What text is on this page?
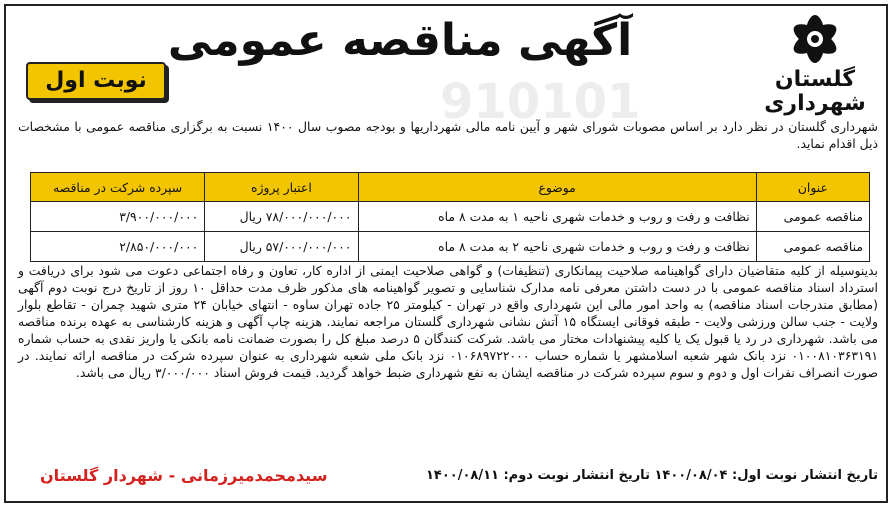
910101	گلستان
شهرداری
آگهی مناقصه عمومی
نوبت اول
شهرداری گلستان در نظر دارد بر اساس مصوبات شورای شهر و آیین نامه مالی شهرداریها و بودجه مصوب سال ۱۴۰۰ نسبت به برگزاری مناقصه عمومی با مشخصات ذیل اقدام نماید.
عنوان	موضوع	اعتبار پروژه	سپرده شرکت در مناقصه
مناقصه عمومی	نظافت و رفت و روب و خدمات شهری ناحیه ۱ به مدت ۸ ماه	۷۸/۰۰۰/۰۰۰/۰۰۰ ریال	۳/۹۰۰/۰۰۰/۰۰۰
مناقصه عمومی	نظافت و رفت و روب و خدمات شهری ناحیه ۲ به مدت ۸ ماه	۵۷/۰۰۰/۰۰۰/۰۰۰ ریال	۲/۸۵۰/۰۰۰/۰۰۰
بدینوسیله از کلیه متقاضیان دارای گواهینامه صلاحیت پیمانکاری (تنظیفات) و گواهی صلاحیت ایمنی از اداره کار، تعاون و رفاه اجتماعی دعوت می شود برای دریافت و استرداد اسناد مناقصه عمومی با در دست داشتن معرفی نامه مدارک شناسایی و تصویر گواهینامه های مذکور ظرف مدت حداقل ۱۰ روز از تاریخ درج نوبت دوم آگهی (مطابق مندرجات اسناد مناقصه) به واحد امور مالی این شهرداری واقع در تهران - کیلومتر ۲۵ جاده تهران ساوه - انتهای خیابان ۲۴ متری شهید چمران - تقاطع بلوار ولایت - جنب سالن ورزشی ولایت - طبقه فوقانی ایستگاه ۱۵ آتش نشانی شهرداری گلستان مراجعه نمایند. هزینه چاپ آگهی و هزینه کارشناسی به عهده برنده مناقصه می باشد. شهرداری در رد یا قبول یک یا کلیه پیشنهادات مختار می باشد. شرکت کنندگان ۵ درصد مبلغ کل را بصورت ضمانت نامه بانکی یا واریز نقدی به حساب شماره ۰۱۰۰۸۱۰۳۶۳۱۹۱ نزد بانک شهر شعبه اسلامشهر یا شماره حساب ۰۱۰۶۸۹۷۲۲۰۰۰ نزد بانک ملی شعبه شهرداری به عنوان سپرده شرکت در مناقصه ارائه نمایند. در صورت انصراف نفرات اول و دوم و سوم سپرده شرکت در مناقصه ایشان به نفع شهرداری ضبط خواهد گردید. قیمت فروش اسناد ۳/۰۰۰/۰۰۰ ریال می باشد.
تاریخ انتشار نوبت اول: ۱۴۰۰/۰۸/۰۴ تاریخ انتشار نوبت دوم: ۱۴۰۰/۰۸/۱۱
سیدمحمدمیرزمانی - شهردار گلستان
